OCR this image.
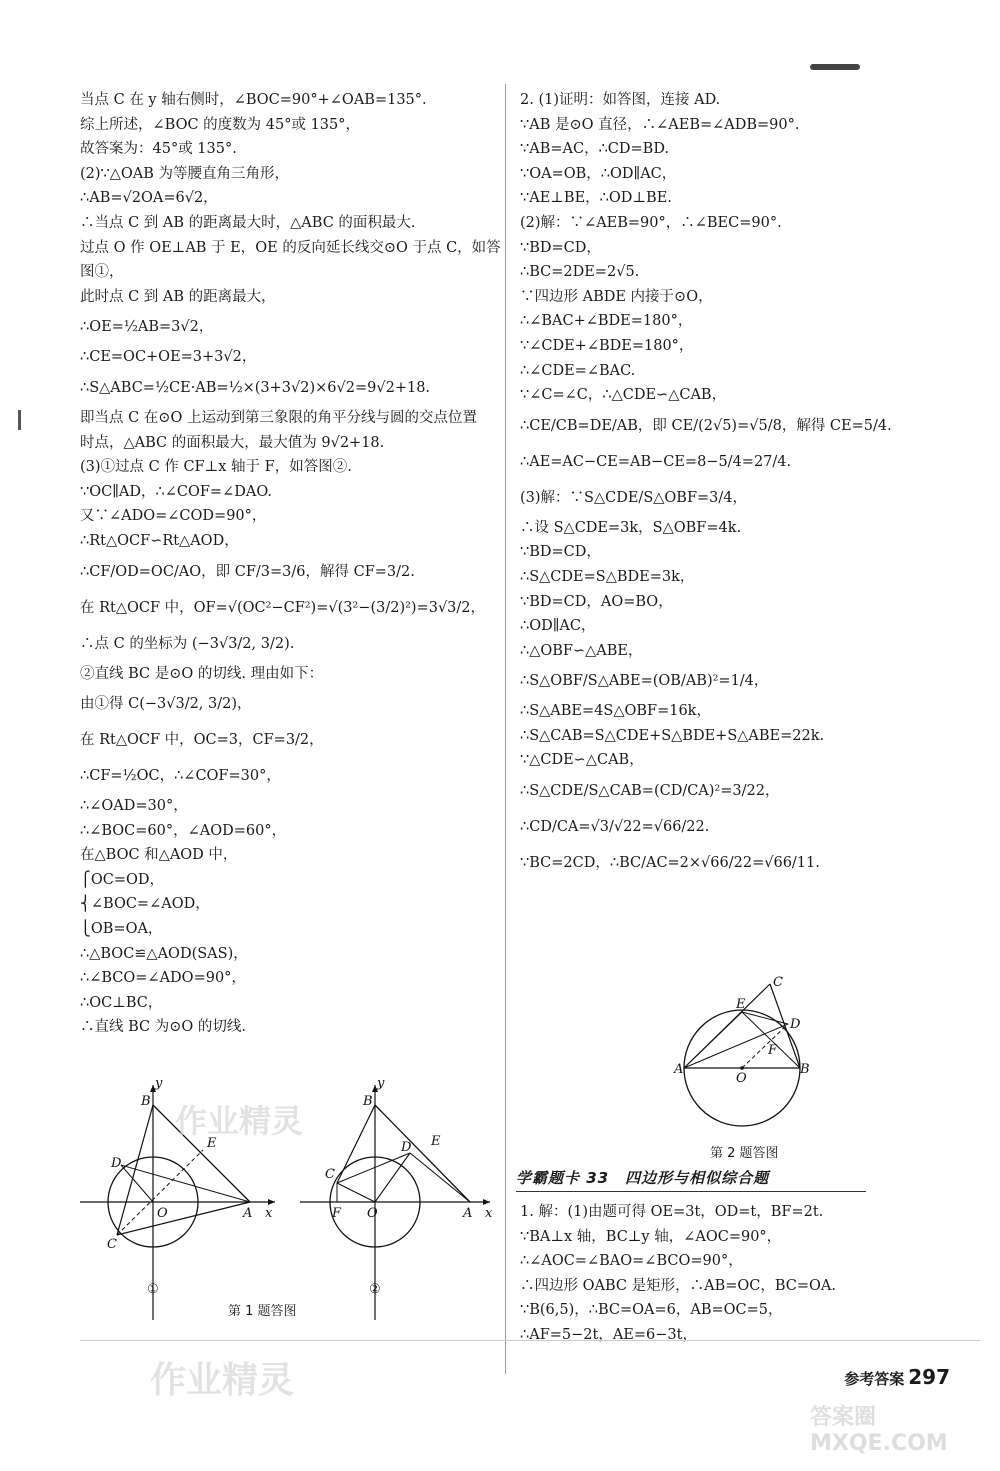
当点 C 在 y 轴右侧时，∠BOC=90°+∠OAB=135°.
综上所述，∠BOC 的度数为 45°或 135°，
故答案为：45°或 135°.
(2)∵△OAB 为等腰直角三角形，
∴AB=√2OA=6√2，
∴当点 C 到 AB 的距离最大时，△ABC 的面积最大.
过点 O 作 OE⊥AB 于 E，OE 的反向延长线交⊙O 于点 C，如答
图①，
此时点 C 到 AB 的距离最大，
∴OE=½AB=3√2，
∴CE=OC+OE=3+3√2，
∴S△ABC=½CE·AB=½×(3+3√2)×6√2=9√2+18.
即当点 C 在⊙O 上运动到第三象限的角平分线与圆的交点位置
时点，△ABC 的面积最大，最大值为 9√2+18.
(3)①过点 C 作 CF⊥x 轴于 F，如答图②.
∵OC∥AD，∴∠COF=∠DAO.
又∵∠ADO=∠COD=90°，
∴Rt△OCF∽Rt△AOD，
∴CF/OD=OC/AO，即 CF/3=3/6，解得 CF=3/2.
在 Rt△OCF 中，OF=√(OC²−CF²)=√(3²−(3/2)²)=3√3/2，
∴点 C 的坐标为 (−3√3/2, 3/2).
②直线 BC 是⊙O 的切线. 理由如下：
由①得 C(−3√3/2, 3/2)，
在 Rt△OCF 中，OC=3，CF=3/2，
∴CF=½OC，∴∠COF=30°，
∴∠OAD=30°，
∴∠BOC=60°，∠AOD=60°，
在△BOC 和△AOD 中，
⎧OC=OD，
⎨∠BOC=∠AOD，
⎩OB=OA，
∴△BOC≌△AOD(SAS)，
∴∠BCO=∠ADO=90°，
∴OC⊥BC，
∴直线 BC 为⊙O 的切线.
2. (1)证明：如答图，连接 AD.
∵AB 是⊙O 直径，∴∠AEB=∠ADB=90°.
∵AB=AC，∴CD=BD.
∵OA=OB，∴OD∥AC，
∵AE⊥BE，∴OD⊥BE.
(2)解：∵∠AEB=90°，∴∠BEC=90°.
∵BD=CD，
∴BC=2DE=2√5.
∵四边形 ABDE 内接于⊙O，
∴∠BAC+∠BDE=180°，
∵∠CDE+∠BDE=180°，
∴∠CDE=∠BAC.
∵∠C=∠C，∴△CDE∽△CAB，
∴CE/CB=DE/AB，即 CE/(2√5)=√5/8，解得 CE=5/4.
∴AE=AC−CE=AB−CE=8−5/4=27/4.
(3)解：∵S△CDE/S△OBF=3/4，
∴设 S△CDE=3k，S△OBF=4k.
∵BD=CD，
∴S△CDE=S△BDE=3k，
∵BD=CD，AO=BO，
∴OD∥AC，
∴△OBF∽△ABE，
∴S△OBF/S△ABE=(OB/AB)²=1/4，
∴S△ABE=4S△OBF=16k，
∴S△CAB=S△CDE+S△BDE+S△ABE=22k.
∵△CDE∽△CAB，
∴S△CDE/S△CAB=(CD/CA)²=3/22，
∴CD/CA=√3/√22=√66/22.
∵BC=2CD，∴BC/AC=2×√66/22=√66/11.
y
B
E
D
O	A x
C
①
y
B
E
D
C
F O	A x
②
第 1 题答图
C
E
D
F
A
O
B
第 2 题答图
学霸题卡 33　四边形与相似综合题
1. 解：(1)由题可得 OE=3t，OD=t，BF=2t.
∵BA⊥x 轴，BC⊥y 轴，∠AOC=90°，
∴∠AOC=∠BAO=∠BCO=90°，
∴四边形 OABC 是矩形，∴AB=OC，BC=OA.
∵B(6,5)，∴BC=OA=6，AB=OC=5，
∴AF=5−2t，AE=6−3t，
参考答案 297
作业精灵
作业精灵
答案圈 MXQE.COM
